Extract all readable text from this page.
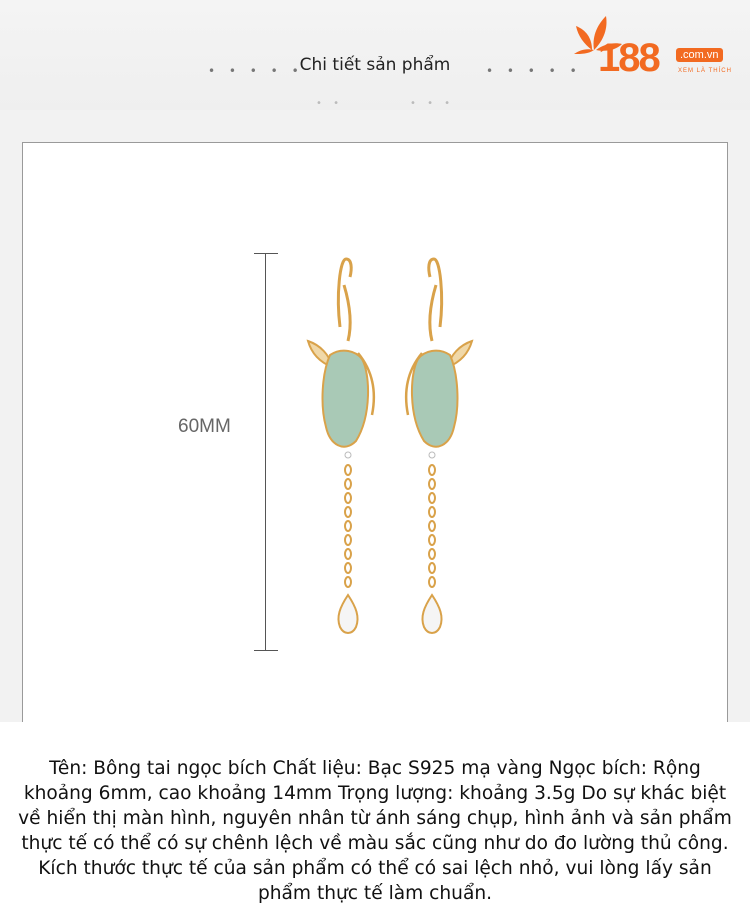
• • • • •
Chi tiết sản phẩm	• • • • •
• •	• • •
188	.com.vn
XEM LÀ THÍCH
60MM

Tên: Bông tai ngọc bích Chất liệu: Bạc S925 mạ vàng Ngọc bích: Rộng khoảng 6mm, cao khoảng 14mm Trọng lượng: khoảng 3.5g Do sự khác biệt về hiển thị màn hình, nguyên nhân từ ánh sáng chụp, hình ảnh và sản phẩm thực tế có thể có sự chênh lệch về màu sắc cũng như do đo lường thủ công. Kích thước thực tế của sản phẩm có thể có sai lệch nhỏ, vui lòng lấy sản phẩm thực tế làm chuẩn.
